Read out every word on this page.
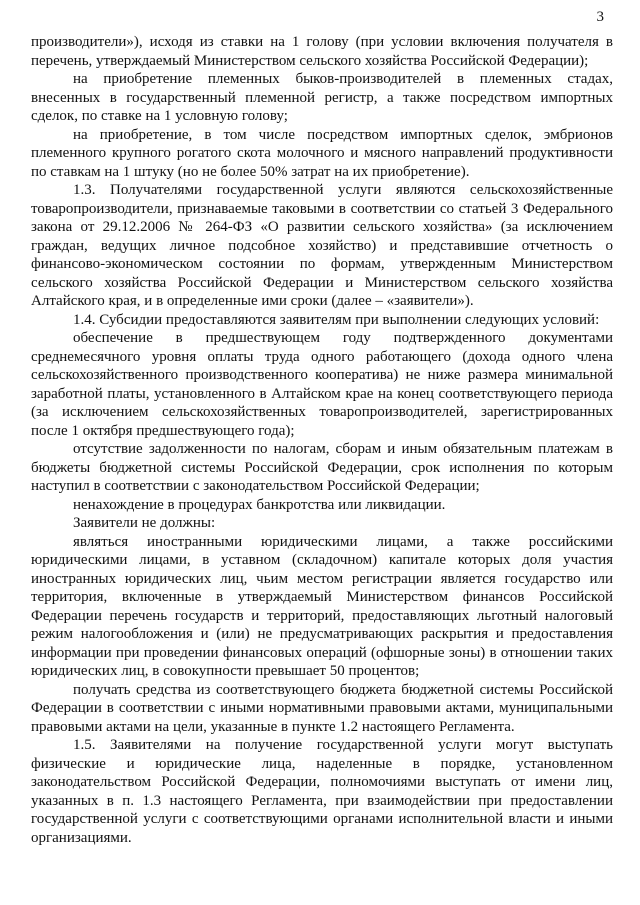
3

производители»), исходя из ставки на 1 голову (при условии включения получателя в перечень, утверждаемый Министерством сельского хозяйства Российской Федерации);

на приобретение племенных быков-производителей в племенных стадах, внесенных в государственный племенной регистр, а также посредством импортных сделок, по ставке на 1 условную голову;

на приобретение, в том числе посредством импортных сделок, эмбрионов племенного крупного рогатого скота молочного и мясного направлений продуктивности по ставкам на 1 штуку (но не более 50% затрат на их приобретение).

1.3. Получателями государственной услуги являются сельскохозяйственные товаропроизводители, признаваемые таковыми в соответствии со статьей 3 Федерального закона от 29.12.2006 № 264-ФЗ «О развитии сельского хозяйства» (за исключением граждан, ведущих личное подсобное хозяйство) и представившие отчетность о финансово-экономическом состоянии по формам, утвержденным Министерством сельского хозяйства Российской Федерации и Министерством сельского хозяйства Алтайского края, и в определенные ими сроки (далее – «заявители»).

1.4. Субсидии предоставляются заявителям при выполнении следующих условий:

обеспечение в предшествующем году подтвержденного документами среднемесячного уровня оплаты труда одного работающего (дохода одного члена сельскохозяйственного производственного кооператива) не ниже размера минимальной заработной платы, установленного в Алтайском крае на конец соответствующего периода (за исключением сельскохозяйственных товаропроизводителей, зарегистрированных после 1 октября предшествующего года);

отсутствие задолженности по налогам, сборам и иным обязательным платежам в бюджеты бюджетной системы Российской Федерации, срок исполнения по которым наступил в соответствии с законодательством Российской Федерации;

ненахождение в процедурах банкротства или ликвидации.

Заявители не должны:

являться иностранными юридическими лицами, а также российскими юридическими лицами, в уставном (складочном) капитале которых доля участия иностранных юридических лиц, чьим местом регистрации является государство или территория, включенные в утверждаемый Министерством финансов Российской Федерации перечень государств и территорий, предоставляющих льготный налоговый режим налогообложения и (или) не предусматривающих раскрытия и предоставления информации при проведении финансовых операций (офшорные зоны) в отношении таких юридических лиц, в совокупности превышает 50 процентов;

получать средства из соответствующего бюджета бюджетной системы Российской Федерации в соответствии с иными нормативными правовыми актами, муниципальными правовыми актами на цели, указанные в пункте 1.2 настоящего Регламента.

1.5. Заявителями на получение государственной услуги могут выступать физические и юридические лица, наделенные в порядке, установленном законодательством Российской Федерации, полномочиями выступать от имени лиц, указанных в п. 1.3 настоящего Регламента, при взаимодействии при предоставлении государственной услуги с соответствующими органами исполнительной власти и иными организациями.
